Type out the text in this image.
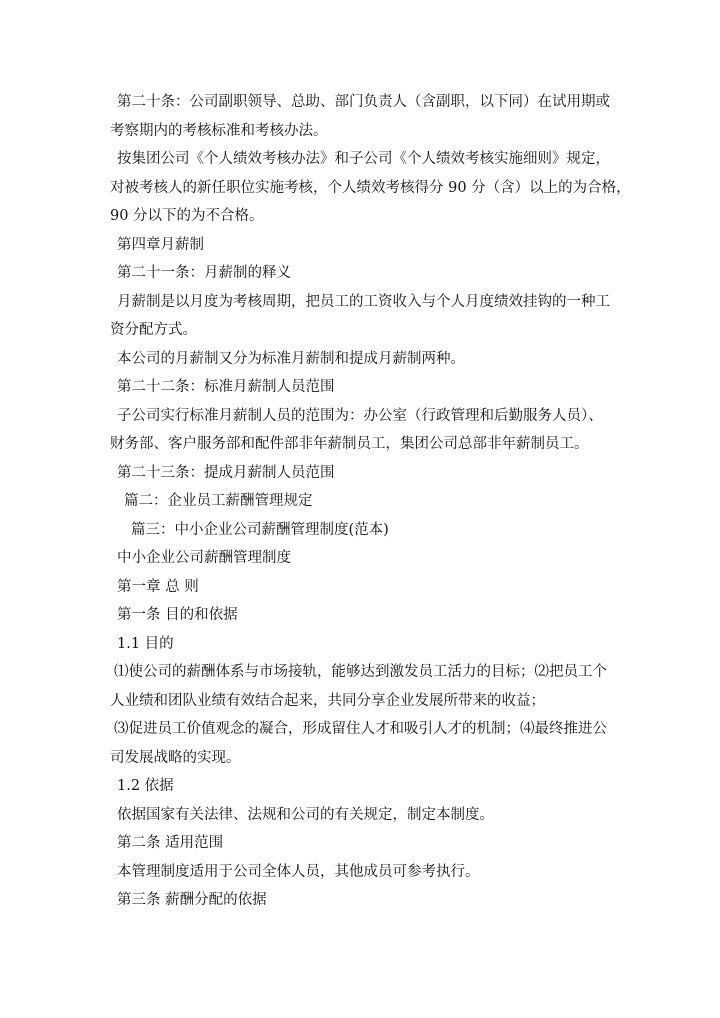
第二十条：公司副职领导、总助、部门负责人（含副职，以下同）在试用期或
考察期内的考核标准和考核办法。
按集团公司《个人绩效考核办法》和子公司《个人绩效考核实施细则》规定，
对被考核人的新任职位实施考核，个人绩效考核得分 90 分（含）以上的为合格，
90 分以下的为不合格。
第四章月薪制
第二十一条：月薪制的释义
月薪制是以月度为考核周期，把员工的工资收入与个人月度绩效挂钩的一种工
资分配方式。
本公司的月薪制又分为标准月薪制和提成月薪制两种。
第二十二条：标准月薪制人员范围
子公司实行标准月薪制人员的范围为：办公室（行政管理和后勤服务人员）、
财务部、客户服务部和配件部非年薪制员工，集团公司总部非年薪制员工。
第二十三条：提成月薪制人员范围
篇二：企业员工薪酬管理规定
篇三：中小企业公司薪酬管理制度(范本)
中小企业公司薪酬管理制度
第一章 总 则
第一条 目的和依据
1.1 目的
⑴使公司的薪酬体系与市场接轨，能够达到激发员工活力的目标；⑵把员工个
人业绩和团队业绩有效结合起来，共同分享企业发展所带来的收益；
⑶促进员工价值观念的凝合，形成留住人才和吸引人才的机制；⑷最终推进公
司发展战略的实现。
1.2 依据
依据国家有关法律、法规和公司的有关规定，制定本制度。
第二条 适用范围
本管理制度适用于公司全体人员，其他成员可参考执行。
第三条 薪酬分配的依据
